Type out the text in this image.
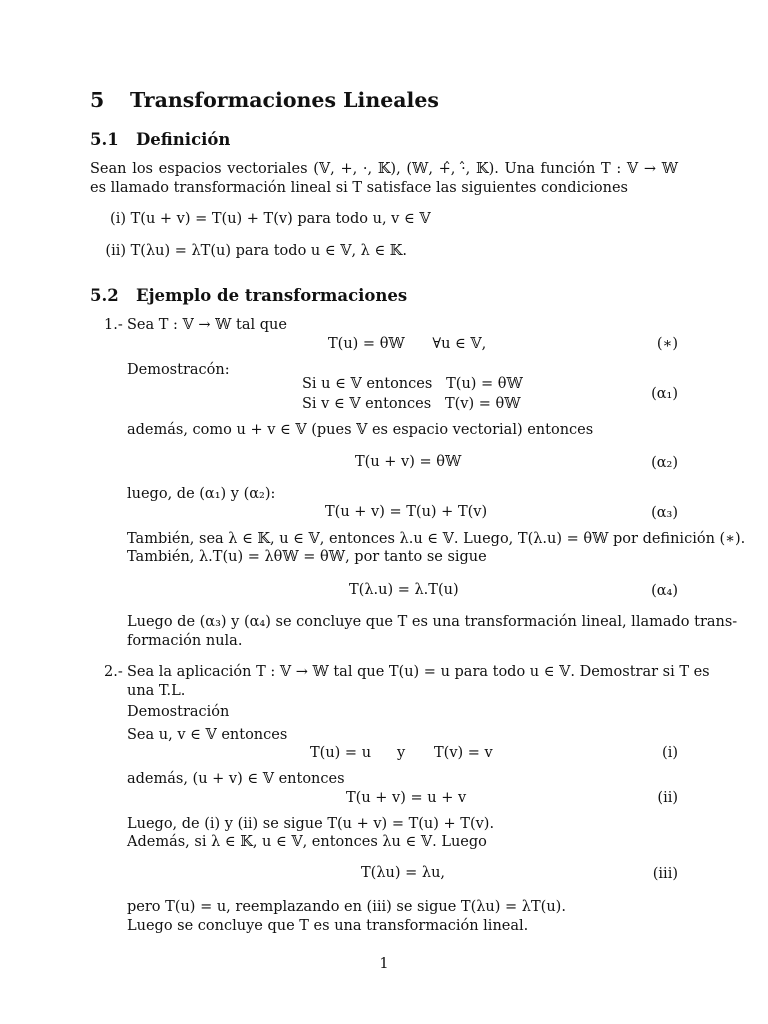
5 Transformaciones Lineales
5.1 Definición
Sean los espacios vectoriales (𝕍, +, ·, 𝕂), (𝕎, +̂, ·̂, 𝕂). Una función T : 𝕍 → 𝕎 es llamado transformación lineal si T satisface las siguientes condiciones
(i) T(u + v) = T(u) + T(v) para todo u, v ∈ 𝕍
(ii) T(λu) = λT(u) para todo u ∈ 𝕍, λ ∈ 𝕂.
5.2 Ejemplo de transformaciones
1.- Sea T : 𝕍 → 𝕎 tal que
T(u) = θ𝕎      ∀u ∈ 𝕍,	(∗)
Demostracón:
Si u ∈ 𝕍 entonces   T(u) = θ𝕎
Si v ∈ 𝕍 entonces   T(v) = θ𝕎
(α₁)
además, como u + v ∈ 𝕍 (pues 𝕍 es espacio vectorial) entonces
T(u + v) = θ𝕎	(α₂)
luego, de (α₁) y (α₂):
T(u + v) = T(u) + T(v)	(α₃)
También, sea λ ∈ 𝕂, u ∈ 𝕍, entonces λ.u ∈ 𝕍. Luego, T(λ.u) = θ𝕎 por definición (∗).
También, λ.T(u) = λθ𝕎 = θ𝕎, por tanto se sigue
T(λ.u) = λ.T(u)	(α₄)
Luego de (α₃) y (α₄) se concluye que T es una transformación lineal, llamado trans-
formación nula.
2.- Sea la aplicación T : 𝕍 → 𝕎 tal que T(u) = u para todo u ∈ 𝕍. Demostrar si T es
una T.L.
Demostración
Sea u, v ∈ 𝕍 entonces
T(u) = u y T(v) = v	(i)
además, (u + v) ∈ 𝕍 entonces
T(u + v) = u + v	(ii)
Luego, de (i) y (ii) se sigue T(u + v) = T(u) + T(v).
Además, si λ ∈ 𝕂, u ∈ 𝕍, entonces λu ∈ 𝕍. Luego
T(λu) = λu,	(iii)
pero T(u) = u, reemplazando en (iii) se sigue T(λu) = λT(u).
Luego se concluye que T es una transformación lineal.
1
